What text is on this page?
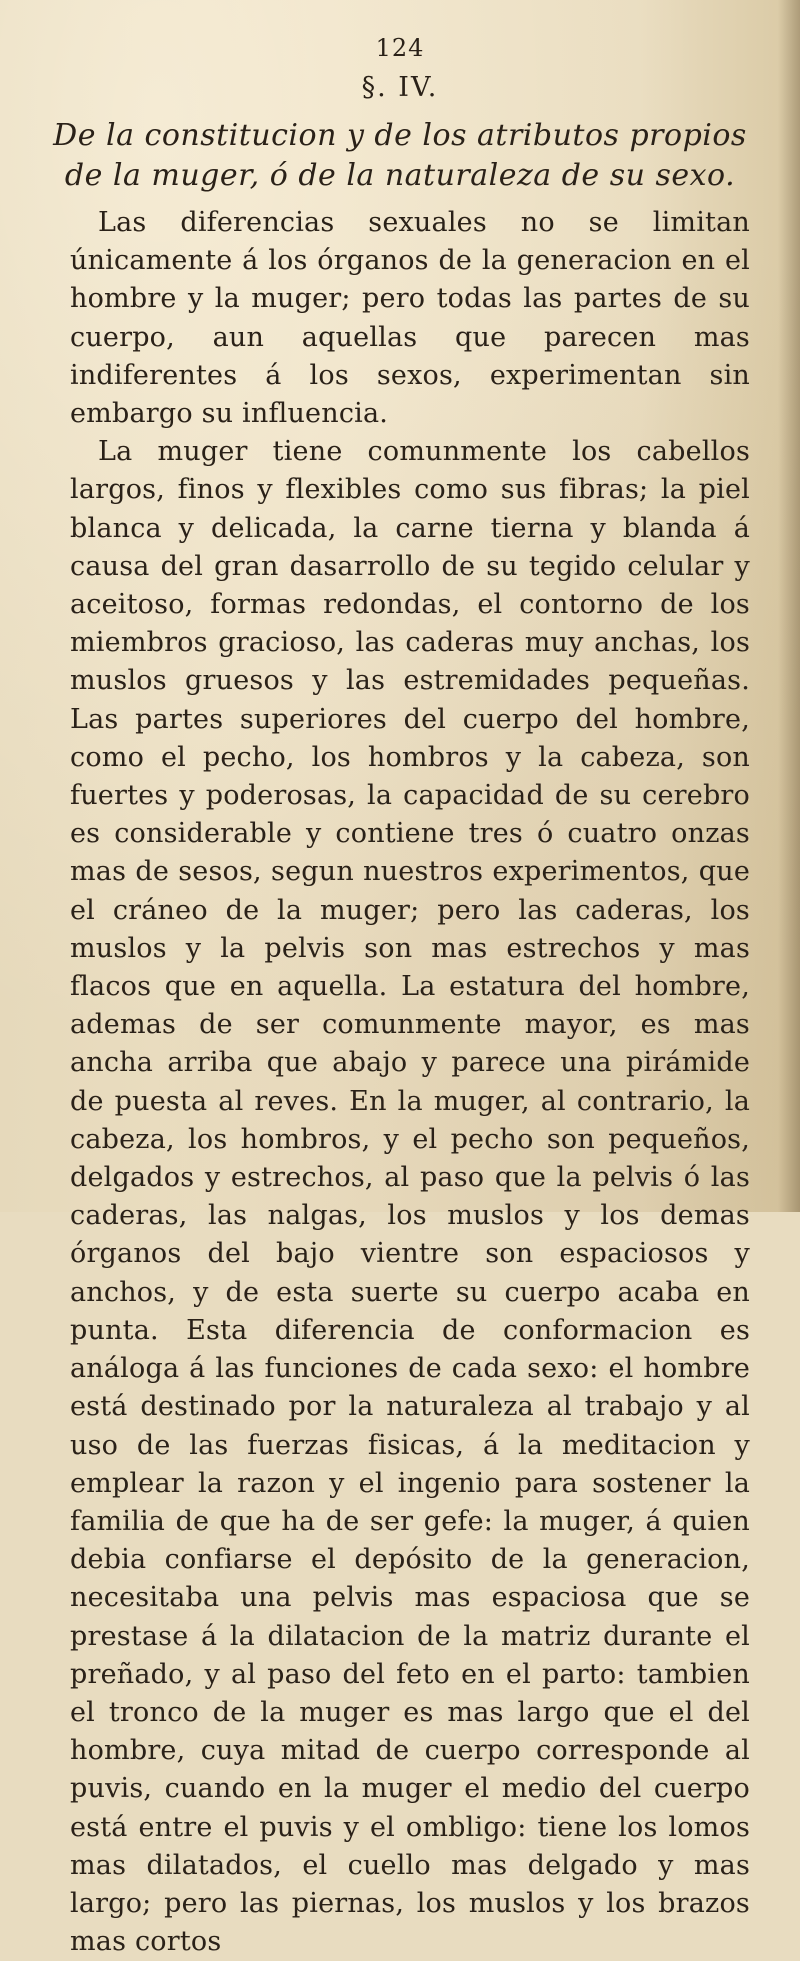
124
§. IV.
De la constitucion y de los atributos propios de la muger, ó de la naturaleza de su sexo.

Las diferencias sexuales no se limitan únicamente á los órganos de la generacion en el hombre y la muger; pero todas las partes de su cuerpo, aun aquellas que parecen mas indiferentes á los sexos, experimentan sin embargo su influencia.

La muger tiene comunmente los cabellos largos, finos y flexibles como sus fibras; la piel blanca y delicada, la carne tierna y blanda á causa del gran dasarrollo de su tegido celular y aceitoso, formas redondas, el contorno de los miembros gracioso, las caderas muy anchas, los muslos gruesos y las estremidades pequeñas. Las partes superiores del cuerpo del hombre, como el pecho, los hombros y la cabeza, son fuertes y poderosas, la capacidad de su cerebro es considerable y contiene tres ó cuatro onzas mas de sesos, segun nuestros experimentos, que el cráneo de la muger; pero las caderas, los muslos y la pelvis son mas estrechos y mas flacos que en aquella. La estatura del hombre, ademas de ser comunmente mayor, es mas ancha arriba que abajo y parece una pirámide de puesta al reves. En la muger, al contrario, la cabeza, los hombros, y el pecho son pequeños, delgados y estrechos, al paso que la pelvis ó las caderas, las nalgas, los muslos y los demas órganos del bajo vientre son espaciosos y anchos, y de esta suerte su cuerpo acaba en punta. Esta diferencia de conformacion es análoga á las funciones de cada sexo: el hombre está destinado por la naturaleza al trabajo y al uso de las fuerzas fisicas, á la meditacion y emplear la razon y el ingenio para sostener la familia de que ha de ser gefe: la muger, á quien debia confiarse el depósito de la generacion, necesitaba una pelvis mas espaciosa que se prestase á la dilatacion de la matriz durante el preñado, y al paso del feto en el parto: tambien el tronco de la muger es mas largo que el del hombre, cuya mitad de cuerpo corresponde al puvis, cuando en la muger el medio del cuerpo está entre el puvis y el ombligo: tiene los lomos mas dilatados, el cuello mas delgado y mas largo; pero las piernas, los muslos y los brazos mas cortos
